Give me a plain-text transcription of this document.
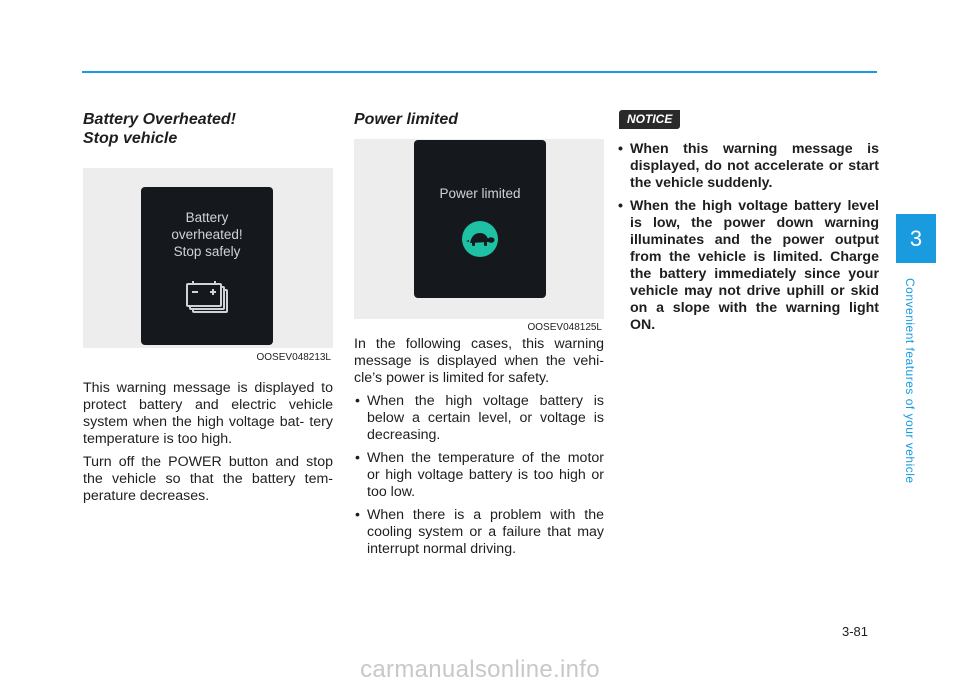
Battery Overheated!
Stop vehicle
Battery
overheated!
Stop safely
OOSEV048213L

This warning message is displayed to protect battery and electric vehicle system when the high voltage bat- tery temperature is too high.

Turn off the POWER button and stop the vehicle so that the battery tem- perature decreases.

Power limited
Power limited
OOSEV048125L

In the following cases, this warning message is displayed when the vehi- cle’s power is limited for safety.

• When the high voltage battery is below a certain level, or voltage is decreasing.
• When the temperature of the motor or high voltage battery is too high or too low.
• When there is a problem with the cooling system or a failure that may interrupt normal driving.
NOTICE
• When this warning message is displayed, do not accelerate or start the vehicle suddenly.
• When the high voltage battery level is low, the power down warning illuminates and the power output from the vehicle is limited. Charge the battery immediately since your vehicle may not drive uphill or skid on a slope with the warning light ON.
3
Convenient features of your vehicle
3-81
carmanualsonline.info
